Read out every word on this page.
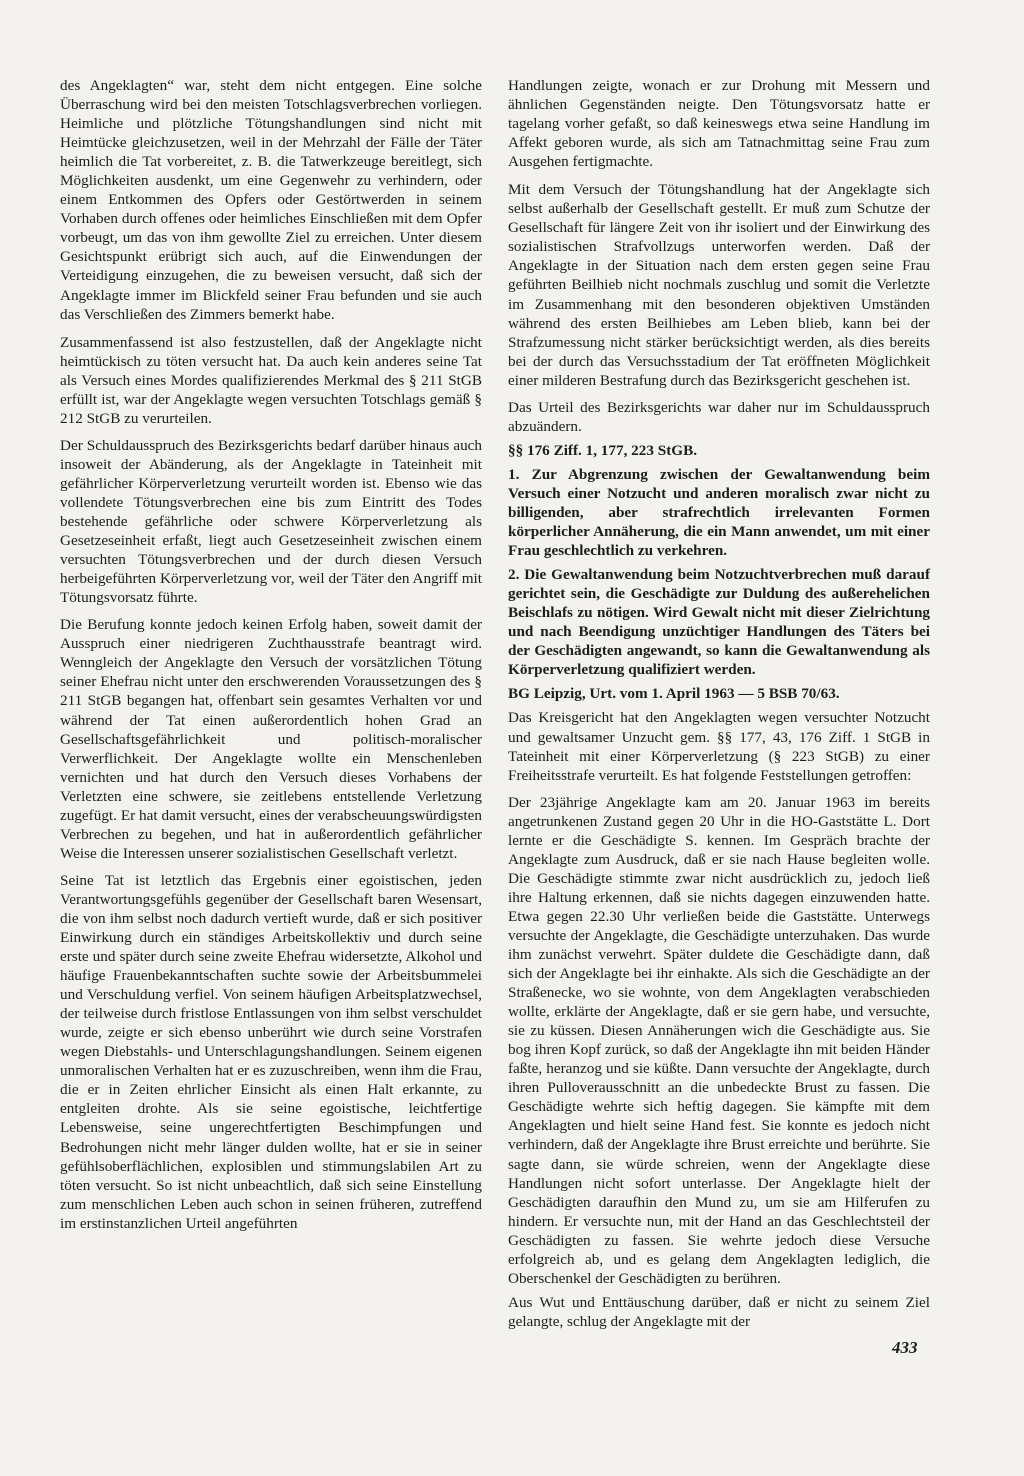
des Angeklagten“ war, steht dem nicht entgegen. Eine solche Überraschung wird bei den meisten Totschlagsverbrechen vorliegen. Heimliche und plötzliche Tötungshandlungen sind nicht mit Heimtücke gleichzusetzen, weil in der Mehrzahl der Fälle der Täter heimlich die Tat vorbereitet, z. B. die Tatwerkzeuge bereitlegt, sich Möglichkeiten ausdenkt, um eine Gegenwehr zu verhindern, oder einem Entkommen des Opfers oder Gestörtwerden in seinem Vorhaben durch offenes oder heimliches Einschließen mit dem Opfer vorbeugt, um das von ihm gewollte Ziel zu erreichen. Unter diesem Gesichtspunkt erübrigt sich auch, auf die Einwendungen der Verteidigung einzugehen, die zu beweisen versucht, daß sich der Angeklagte immer im Blickfeld seiner Frau befunden und sie auch das Verschließen des Zimmers bemerkt habe.

Zusammenfassend ist also festzustellen, daß der Angeklagte nicht heimtückisch zu töten versucht hat. Da auch kein anderes seine Tat als Versuch eines Mordes qualifizierendes Merkmal des § 211 StGB erfüllt ist, war der Angeklagte wegen versuchten Totschlags gemäß § 212 StGB zu verurteilen.

Der Schuldausspruch des Bezirksgerichts bedarf darüber hinaus auch insoweit der Abänderung, als der Angeklagte in Tateinheit mit gefährlicher Körperverletzung verurteilt worden ist. Ebenso wie das vollendete Tötungsverbrechen eine bis zum Eintritt des Todes bestehende gefährliche oder schwere Körperverletzung als Gesetzeseinheit erfaßt, liegt auch Gesetzeseinheit zwischen einem versuchten Tötungsverbrechen und der durch diesen Versuch herbeigeführten Körperverletzung vor, weil der Täter den Angriff mit Tötungsvorsatz führte.

Die Berufung konnte jedoch keinen Erfolg haben, soweit damit der Ausspruch einer niedrigeren Zuchthausstrafe beantragt wird. Wenngleich der Angeklagte den Versuch der vorsätzlichen Tötung seiner Ehefrau nicht unter den erschwerenden Voraussetzungen des § 211 StGB begangen hat, offenbart sein gesamtes Verhalten vor und während der Tat einen außerordentlich hohen Grad an Gesellschaftsgefährlichkeit und politisch-moralischer Verwerflichkeit. Der Angeklagte wollte ein Menschenleben vernichten und hat durch den Versuch dieses Vorhabens der Verletzten eine schwere, sie zeitlebens entstellende Verletzung zugefügt. Er hat damit versucht, eines der verabscheuungswürdigsten Verbrechen zu begehen, und hat in außerordentlich gefährlicher Weise die Interessen unserer sozialistischen Gesellschaft verletzt.

Seine Tat ist letztlich das Ergebnis einer egoistischen, jeden Verantwortungsgefühls gegenüber der Gesellschaft baren Wesensart, die von ihm selbst noch dadurch vertieft wurde, daß er sich positiver Einwirkung durch ein ständiges Arbeitskollektiv und durch seine erste und später durch seine zweite Ehefrau widersetzte, Alkohol und häufige Frauenbekanntschaften suchte sowie der Arbeitsbummelei und Verschuldung verfiel. Von seinem häufigen Arbeitsplatzwechsel, der teilweise durch fristlose Entlassungen von ihm selbst verschuldet wurde, zeigte er sich ebenso unberührt wie durch seine Vorstrafen wegen Diebstahls- und Unterschlagungshandlungen. Seinem eigenen unmoralischen Verhalten hat er es zuzuschreiben, wenn ihm die Frau, die er in Zeiten ehrlicher Einsicht als einen Halt erkannte, zu entgleiten drohte. Als sie seine egoistische, leichtfertige Lebensweise, seine ungerechtfertigten Beschimpfungen und Bedrohungen nicht mehr länger dulden wollte, hat er sie in seiner gefühlsoberflächlichen, explosiblen und stimmungslabilen Art zu töten versucht. So ist nicht unbeachtlich, daß sich seine Einstellung zum menschlichen Leben auch schon in seinen früheren, zutreffend im erstinstanzlichen Urteil angeführten

Handlungen zeigte, wonach er zur Drohung mit Messern und ähnlichen Gegenständen neigte. Den Tötungsvorsatz hatte er tagelang vorher gefaßt, so daß keineswegs etwa seine Handlung im Affekt geboren wurde, als sich am Tatnachmittag seine Frau zum Ausgehen fertigmachte.

Mit dem Versuch der Tötungshandlung hat der Angeklagte sich selbst außerhalb der Gesellschaft gestellt. Er muß zum Schutze der Gesellschaft für längere Zeit von ihr isoliert und der Einwirkung des sozialistischen Strafvollzugs unterworfen werden. Daß der Angeklagte in der Situation nach dem ersten gegen seine Frau geführten Beilhieb nicht nochmals zuschlug und somit die Verletzte im Zusammenhang mit den besonderen objektiven Umständen während des ersten Beilhiebes am Leben blieb, kann bei der Strafzumessung nicht stärker berücksichtigt werden, als dies bereits bei der durch das Versuchsstadium der Tat eröffneten Möglichkeit einer milderen Bestrafung durch das Bezirksgericht geschehen ist.

Das Urteil des Bezirksgerichts war daher nur im Schuldausspruch abzuändern.

§§ 176 Ziff. 1, 177, 223 StGB.

1. Zur Abgrenzung zwischen der Gewaltanwendung beim Versuch einer Notzucht und anderen moralisch zwar nicht zu billigenden, aber strafrechtlich irrelevanten Formen körperlicher Annäherung, die ein Mann anwendet, um mit einer Frau geschlechtlich zu verkehren.

2. Die Gewaltanwendung beim Notzuchtverbrechen muß darauf gerichtet sein, die Geschädigte zur Duldung des außerehelichen Beischlafs zu nötigen. Wird Gewalt nicht mit dieser Zielrichtung und nach Beendigung unzüchtiger Handlungen des Täters bei der Geschädigten angewandt, so kann die Gewaltanwendung als Körperverletzung qualifiziert werden.

BG Leipzig, Urt. vom 1. April 1963 — 5 BSB 70/63.

Das Kreisgericht hat den Angeklagten wegen versuchter Notzucht und gewaltsamer Unzucht gem. §§ 177, 43, 176 Ziff. 1 StGB in Tateinheit mit einer Körperverletzung (§ 223 StGB) zu einer Freiheitsstrafe verurteilt. Es hat folgende Feststellungen getroffen:

Der 23jährige Angeklagte kam am 20. Januar 1963 im bereits angetrunkenen Zustand gegen 20 Uhr in die HO-Gaststätte L. Dort lernte er die Geschädigte S. kennen. Im Gespräch brachte der Angeklagte zum Ausdruck, daß er sie nach Hause begleiten wolle. Die Geschädigte stimmte zwar nicht ausdrücklich zu, jedoch ließ ihre Haltung erkennen, daß sie nichts dagegen einzuwenden hatte. Etwa gegen 22.30 Uhr verließen beide die Gaststätte. Unterwegs versuchte der Angeklagte, die Geschädigte unterzuhaken. Das wurde ihm zunächst verwehrt. Später duldete die Geschädigte dann, daß sich der Angeklagte bei ihr einhakte. Als sich die Geschädigte an der Straßenecke, wo sie wohnte, von dem Angeklagten verabschieden wollte, erklärte der Angeklagte, daß er sie gern habe, und versuchte, sie zu küssen. Diesen Annäherungen wich die Geschädigte aus. Sie bog ihren Kopf zurück, so daß der Angeklagte ihn mit beiden Händer faßte, heranzog und sie küßte. Dann versuchte der Angeklagte, durch ihren Pulloverausschnitt an die unbedeckte Brust zu fassen. Die Geschädigte wehrte sich heftig dagegen. Sie kämpfte mit dem Angeklagten und hielt seine Hand fest. Sie konnte es jedoch nicht verhindern, daß der Angeklagte ihre Brust erreichte und berührte. Sie sagte dann, sie würde schreien, wenn der Angeklagte diese Handlungen nicht sofort unterlasse. Der Angeklagte hielt der Geschädigten daraufhin den Mund zu, um sie am Hilferufen zu hindern. Er versuchte nun, mit der Hand an das Geschlechtsteil der Geschädigten zu fassen. Sie wehrte jedoch diese Versuche erfolgreich ab, und es gelang dem Angeklagten lediglich, die Oberschenkel der Geschädigten zu berühren.

Aus Wut und Enttäuschung darüber, daß er nicht zu seinem Ziel gelangte, schlug der Angeklagte mit der

433
